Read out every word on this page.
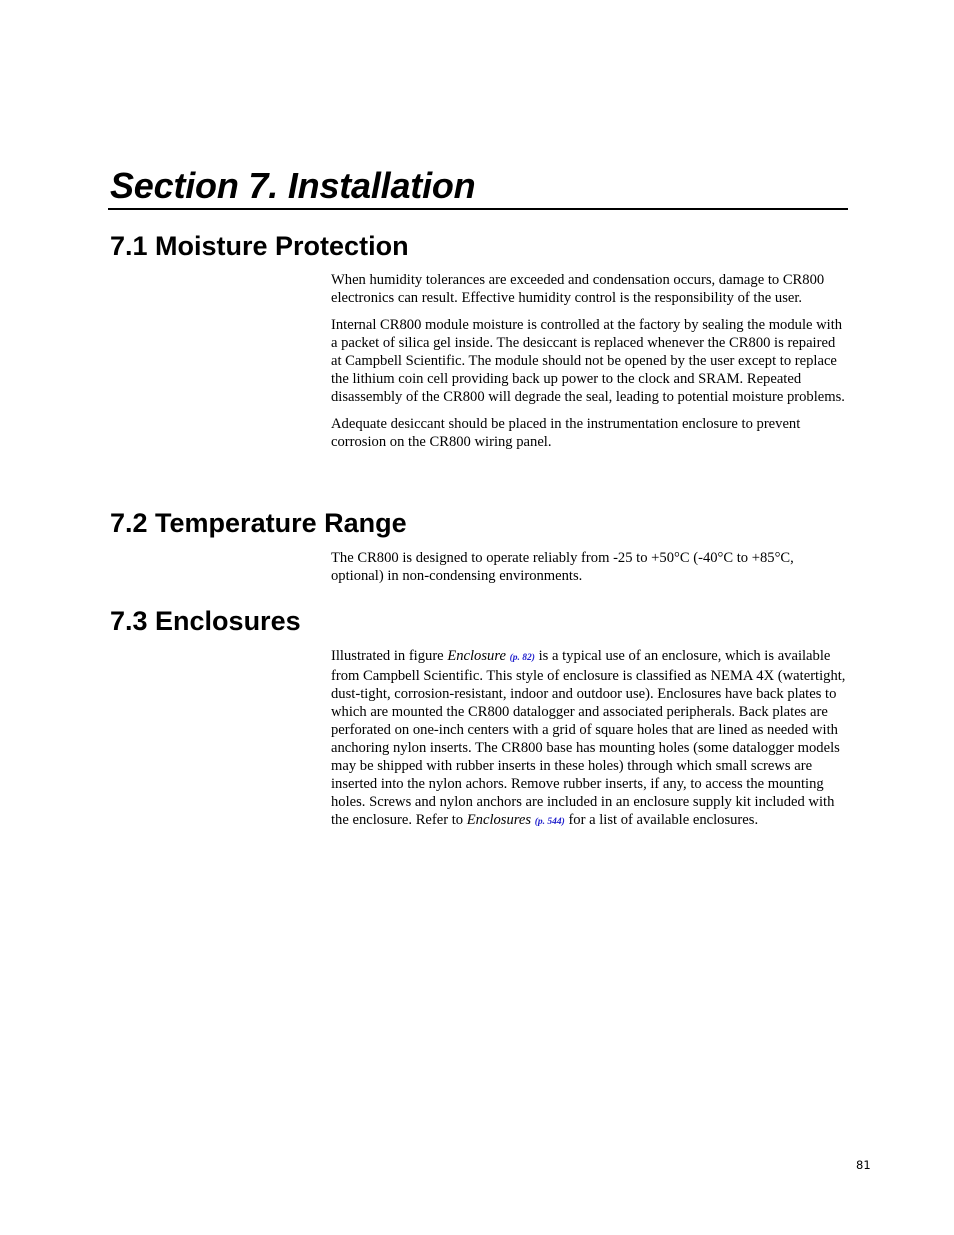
Section 7. Installation
7.1 Moisture Protection

When humidity tolerances are exceeded and condensation occurs, damage to CR800 electronics can result. Effective humidity control is the responsibility of the user.

Internal CR800 module moisture is controlled at the factory by sealing the module with a packet of silica gel inside. The desiccant is replaced whenever the CR800 is repaired at Campbell Scientific. The module should not be opened by the user except to replace the lithium coin cell providing back up power to the clock and SRAM. Repeated disassembly of the CR800 will degrade the seal, leading to potential moisture problems.

Adequate desiccant should be placed in the instrumentation enclosure to prevent corrosion on the CR800 wiring panel.

7.2 Temperature Range

The CR800 is designed to operate reliably from -25 to +50°C (-40°C to +85°C, optional) in non-condensing environments.

7.3 Enclosures

Illustrated in figure Enclosure (p. 82) is a typical use of an enclosure, which is available from Campbell Scientific. This style of enclosure is classified as NEMA 4X (watertight, dust-tight, corrosion-resistant, indoor and outdoor use). Enclosures have back plates to which are mounted the CR800 datalogger and associated peripherals. Back plates are perforated on one-inch centers with a grid of square holes that are lined as needed with anchoring nylon inserts. The CR800 base has mounting holes (some datalogger models may be shipped with rubber inserts in these holes) through which small screws are inserted into the nylon achors. Remove rubber inserts, if any, to access the mounting holes. Screws and nylon anchors are included in an enclosure supply kit included with the enclosure. Refer to Enclosures (p. 544) for a list of available enclosures.

81
